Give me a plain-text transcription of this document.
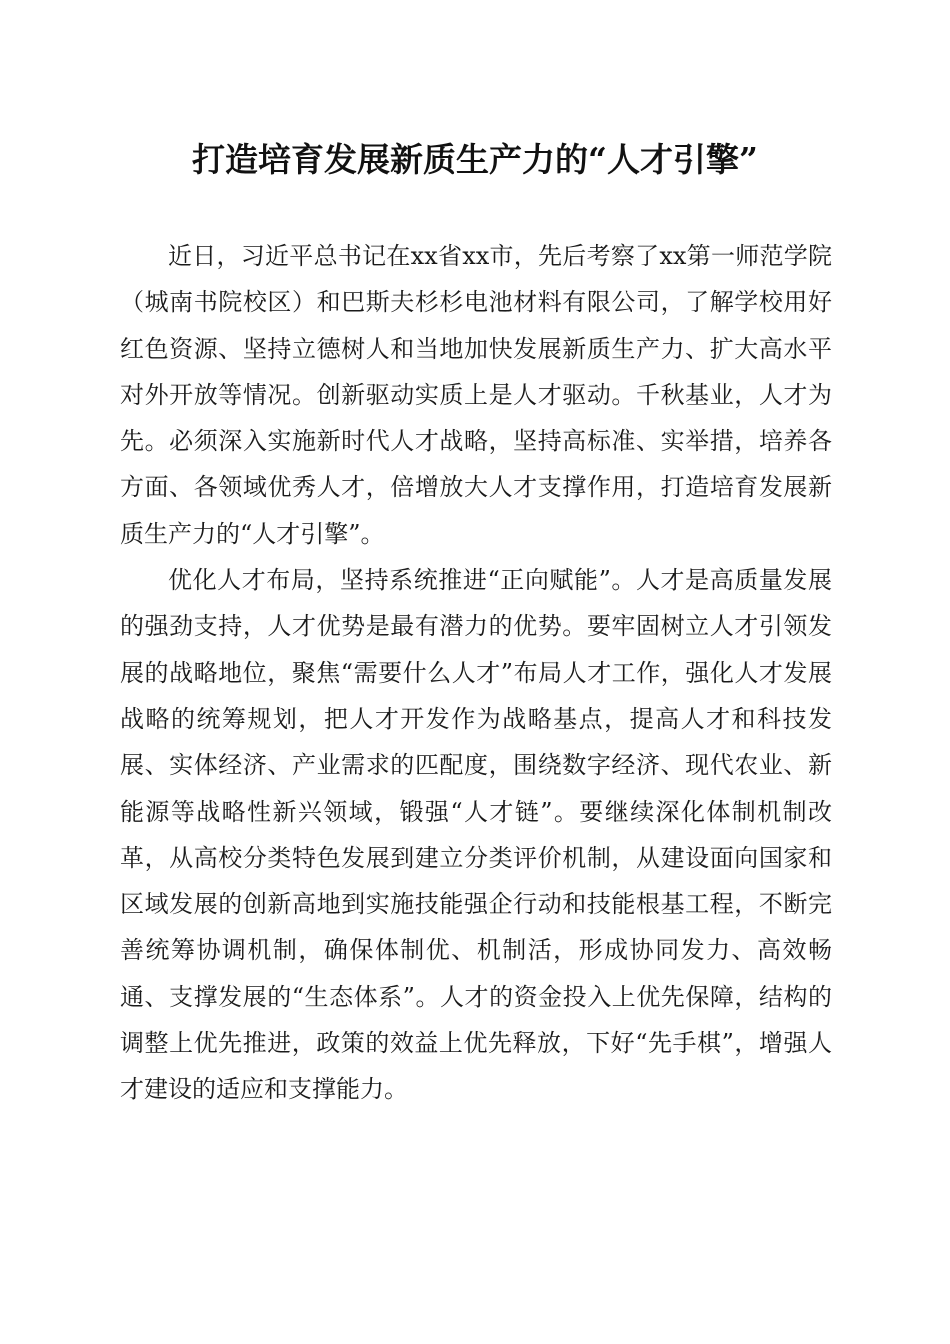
打造培育发展新质生产力的“人才引擎”

近日，习近平总书记在xx省xx市，先后考察了xx第一师范学院（城南书院校区）和巴斯夫杉杉电池材料有限公司，了解学校用好红色资源、坚持立德树人和当地加快发展新质生产力、扩大高水平对外开放等情况。创新驱动实质上是人才驱动。千秋基业，人才为先。必须深入实施新时代人才战略，坚持高标准、实举措，培养各方面、各领域优秀人才，倍增放大人才支撑作用，打造培育发展新质生产力的“人才引擎”。

优化人才布局，坚持系统推进“正向赋能”。人才是高质量发展的强劲支持，人才优势是最有潜力的优势。要牢固树立人才引领发展的战略地位，聚焦“需要什么人才”布局人才工作，强化人才发展战略的统筹规划，把人才开发作为战略基点，提高人才和科技发展、实体经济、产业需求的匹配度，围绕数字经济、现代农业、新能源等战略性新兴领域，锻强“人才链”。要继续深化体制机制改革，从高校分类特色发展到建立分类评价机制，从建设面向国家和区域发展的创新高地到实施技能强企行动和技能根基工程，不断完善统筹协调机制，确保体制优、机制活，形成协同发力、高效畅通、支撑发展的“生态体系”。人才的资金投入上优先保障，结构的调整上优先推进，政策的效益上优先释放，下好“先手棋”，增强人才建设的适应和支撑能力。
